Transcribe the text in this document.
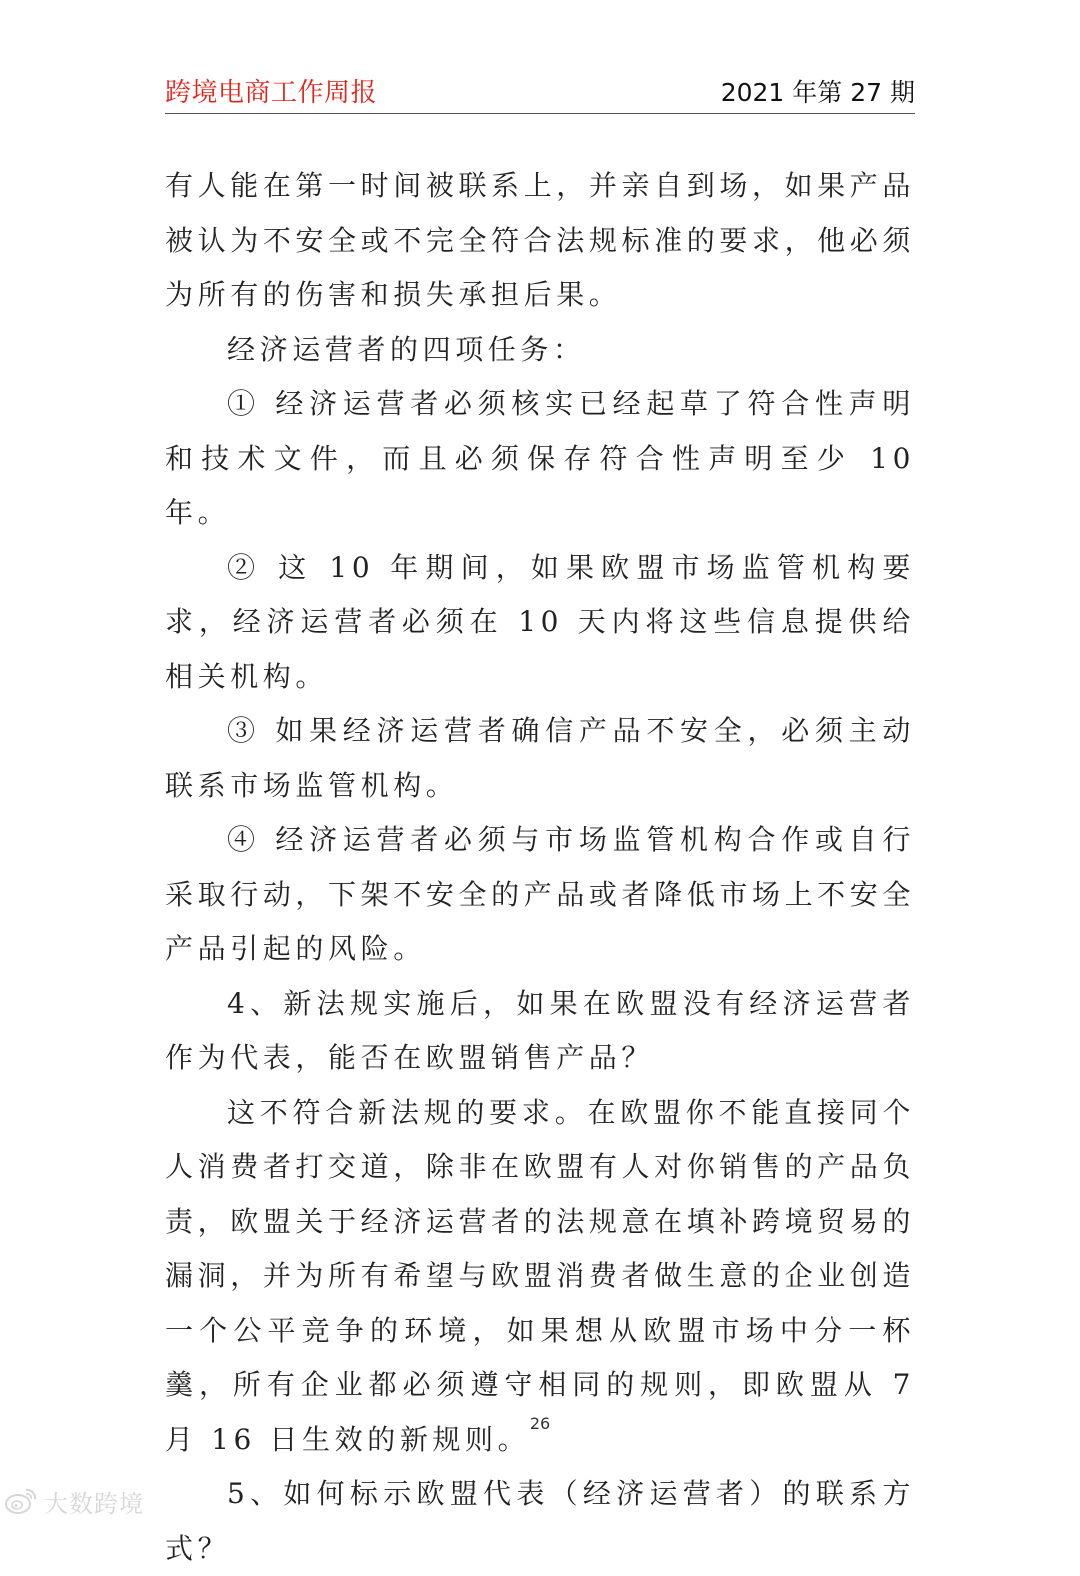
跨境电商工作周报	2021 年第 27 期

有人能在第一时间被联系上，并亲自到场，如果产品被认为不安全或不完全符合法规标准的要求，他必须为所有的伤害和损失承担后果。

经济运营者的四项任务：

① 经济运营者必须核实已经起草了符合性声明和技术文件，而且必须保存符合性声明至少 10 年。

② 这 10 年期间，如果欧盟市场监管机构要求，经济运营者必须在 10 天内将这些信息提供给相关机构。

③ 如果经济运营者确信产品不安全，必须主动联系市场监管机构。

④ 经济运营者必须与市场监管机构合作或自行采取行动，下架不安全的产品或者降低市场上不安全产品引起的风险。

4、新法规实施后，如果在欧盟没有经济运营者作为代表，能否在欧盟销售产品？

这不符合新法规的要求。在欧盟你不能直接同个人消费者打交道，除非在欧盟有人对你销售的产品负责，欧盟关于经济运营者的法规意在填补跨境贸易的漏洞，并为所有希望与欧盟消费者做生意的企业创造一个公平竞争的环境，如果想从欧盟市场中分一杯羹，所有企业都必须遵守相同的规则，即欧盟从 7 月 16 日生效的新规则。

5、如何标示欧盟代表（经济运营者）的联系方式？

26
大数跨境
